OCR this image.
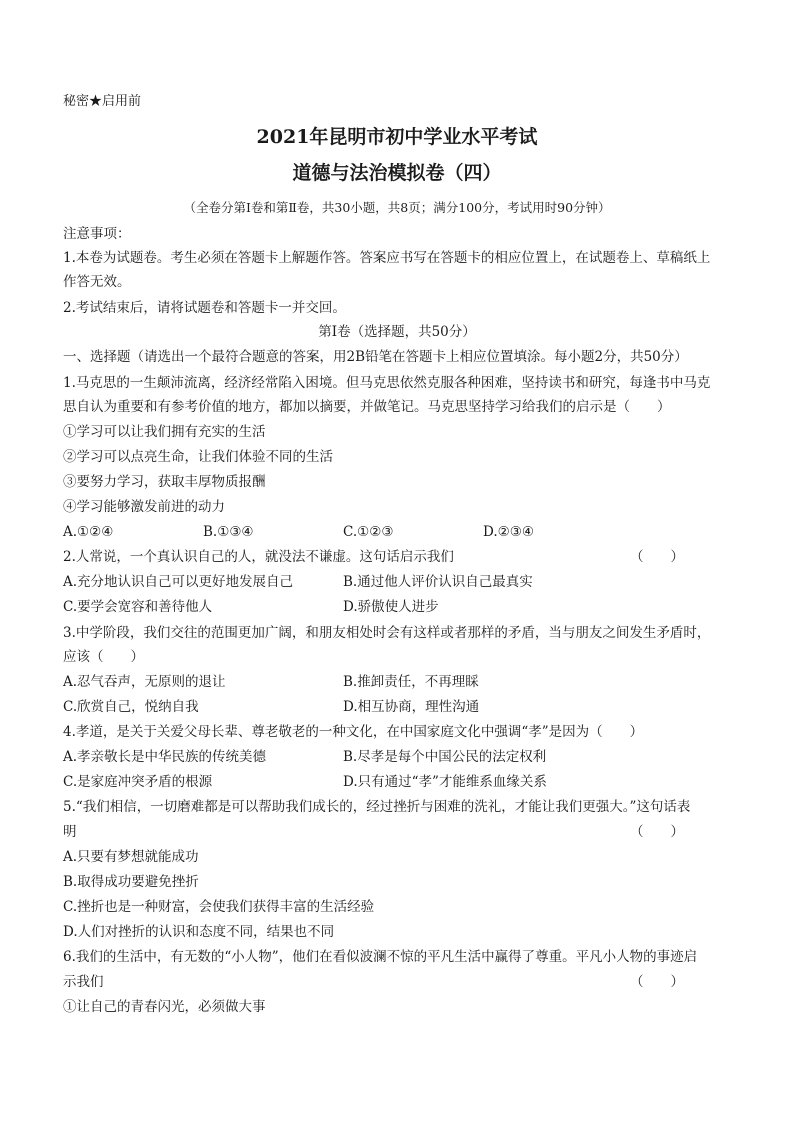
秘密★启用前
2021年昆明市初中学业水平考试
道德与法治模拟卷（四）
（全卷分第Ⅰ卷和第Ⅱ卷，共30小题，共8页；满分100分，考试用时90分钟）
注意事项：
1.本卷为试题卷。考生必须在答题卡上解题作答。答案应书写在答题卡的相应位置上，在试题卷上、草稿纸上
作答无效。
2.考试结束后，请将试题卷和答题卡一并交回。
第Ⅰ卷（选择题，共50分）
一、选择题（请选出一个最符合题意的答案，用2B铅笔在答题卡上相应位置填涂。每小题2分，共50分）
1.马克思的一生颠沛流离，经济经常陷入困境。但马克思依然克服各种困难，坚持读书和研究，每逢书中马克
思自认为重要和有参考价值的地方，都加以摘要，并做笔记。马克思坚持学习给我们的启示是（　　）
①学习可以让我们拥有充实的生活
②学习可以点亮生命，让我们体验不同的生活
③要努力学习，获取丰厚物质报酬
④学习能够激发前进的动力
A.①②④	B.①③④	C.①②③	D.②③④
2.人常说，一个真认识自己的人，就没法不谦虚。这句话启示我们	（　　）
A.充分地认识自己可以更好地发展自己	B.通过他人评价认识自己最真实
C.要学会宽容和善待他人	D.骄傲使人进步
3.中学阶段，我们交往的范围更加广阔，和朋友相处时会有这样或者那样的矛盾，当与朋友之间发生矛盾时，
应该（　　）
A.忍气吞声，无原则的退让	B.推卸责任，不再理睬
C.欣赏自己，悦纳自我	D.相互协商，理性沟通
4.孝道，是关于关爱父母长辈、尊老敬老的一种文化，在中国家庭文化中强调“孝”是因为（　　）
A.孝亲敬长是中华民族的传统美德	B.尽孝是每个中国公民的法定权利
C.是家庭冲突矛盾的根源	D.只有通过“孝”才能维系血缘关系
5.“我们相信，一切磨难都是可以帮助我们成长的，经过挫折与困难的洗礼，才能让我们更强大。”这句话表
明	（　　）
A.只要有梦想就能成功
B.取得成功要避免挫折
C.挫折也是一种财富，会使我们获得丰富的生活经验
D.人们对挫折的认识和态度不同，结果也不同
6.我们的生活中，有无数的“小人物”，他们在看似波澜不惊的平凡生活中赢得了尊重。平凡小人物的事迹启
示我们	（　　）
①让自己的青春闪光，必须做大事
